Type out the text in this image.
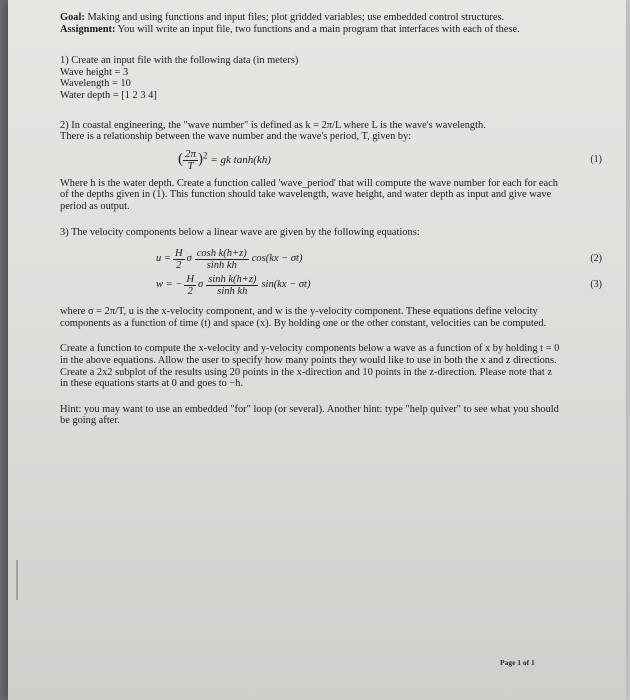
Goal: Making and using functions and input files; plot gridded variables; use embedded control structures.

Assignment: You will write an input file, two functions and a main program that interfaces with each of these.

1) Create an input file with the following data (in meters)

Wave height = 3

Wavelength = 10

Water depth = [1 2 3 4]

2) In coastal engineering, the "wave number" is defined as k = 2π/L where L is the wave's wavelength.

There is a relationship between the wave number and the wave's period, T, given by:

( $\frac{2\pi}{T} )^2$ = gk tanh(kh)	(1)

Where h is the water depth. Create a function called 'wave_period' that will compute the wave number for each for each of the depths given in (1). This function should take wavelength, wave height, and water depth as input and give wave period as output.

3) The velocity components below a linear wave are given by the following equations:

$u = \frac{H}{2}$ σ $\frac{\text{cosh k(h+z)}}{\text{sinh kh}} \cos(kx - \sigma t)$	(2)
w = − $\frac{H}{2}$ σ $\frac{\text{sinh k(h+z)}}{\text{sinh kh}} \sin(kx - \sigma t)$	(3)

where σ = 2π/T, u is the x-velocity component, and w is the y-velocity component. These equations define velocity components as a function of time (t) and space (x). By holding one or the other constant, velocities can be computed.

Create a function to compute the x-velocity and y-velocity components below a wave as a function of x by holding t = 0 in the above equations. Allow the user to specify how many points they would like to use in both the x and z directions. Create a 2x2 subplot of the results using 20 points in the x-direction and 10 points in the z-direction. Please note that z in these equations starts at 0 and goes to −h.

Hint: you may want to use an embedded "for" loop (or several). Another hint: type "help quiver" to see what you should be going after.

Page 1 of 1
